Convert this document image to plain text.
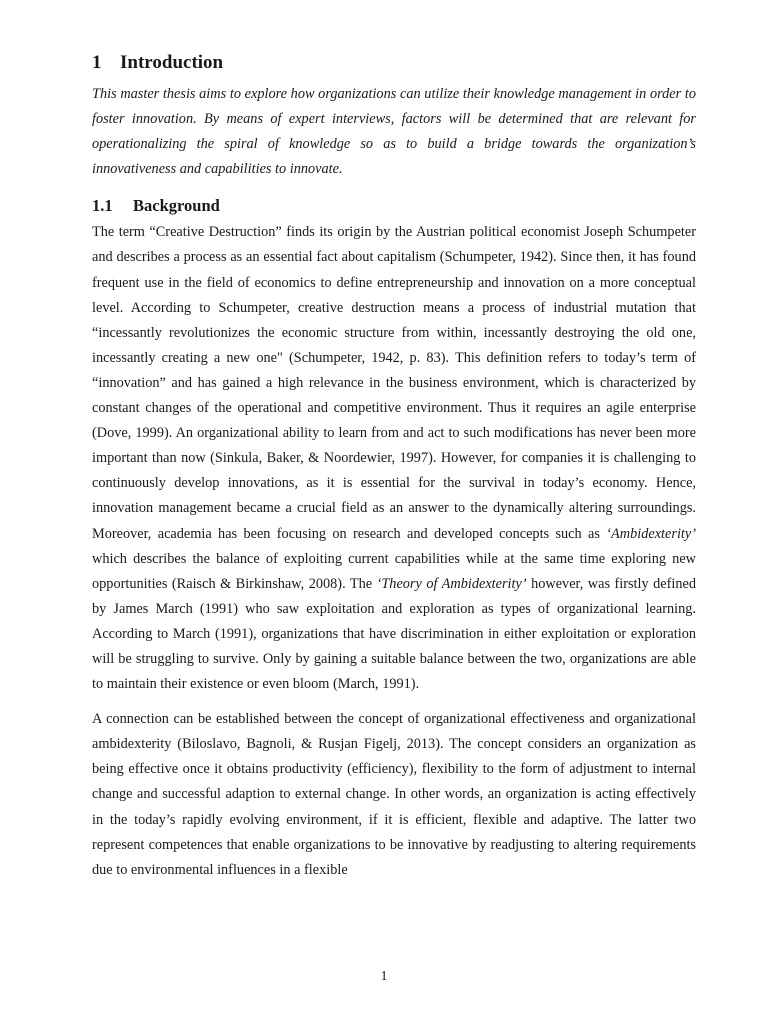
1 Introduction

This master thesis aims to explore how organizations can utilize their knowledge management in order to foster innovation. By means of expert interviews, factors will be determined that are relevant for operationalizing the spiral of knowledge so as to build a bridge towards the organization’s innovativeness and capabilities to innovate.

1.1 Background

The term “Creative Destruction” finds its origin by the Austrian political economist Joseph Schumpeter and describes a process as an essential fact about capitalism (Schumpeter, 1942). Since then, it has found frequent use in the field of economics to define entrepreneurship and innovation on a more conceptual level. According to Schumpeter, creative destruction means a process of industrial mutation that “incessantly revolutionizes the economic structure from within, incessantly destroying the old one, incessantly creating a new one" (Schumpeter, 1942, p. 83). This definition refers to today’s term of “innovation” and has gained a high relevance in the business environment, which is characterized by constant changes of the operational and competitive environment. Thus it requires an agile enterprise (Dove, 1999). An organizational ability to learn from and act to such modifications has never been more important than now (Sinkula, Baker, & Noordewier, 1997). However, for companies it is challenging to continuously develop innovations, as it is essential for the survival in today’s economy. Hence, innovation management became a crucial field as an answer to the dynamically altering surroundings. Moreover, academia has been focusing on research and developed concepts such as ‘Ambidexterity’ which describes the balance of exploiting current capabilities while at the same time exploring new opportunities (Raisch & Birkinshaw, 2008). The ‘Theory of Ambidexterity’ however, was firstly defined by James March (1991) who saw exploitation and exploration as types of organizational learning. According to March (1991), organizations that have discrimination in either exploitation or exploration will be struggling to survive. Only by gaining a suitable balance between the two, organizations are able to maintain their existence or even bloom (March, 1991).

A connection can be established between the concept of organizational effectiveness and organizational ambidexterity (Biloslavo, Bagnoli, & Rusjan Figelj, 2013). The concept considers an organization as being effective once it obtains productivity (efficiency), flexibility to the form of adjustment to internal change and successful adaption to external change. In other words, an organization is acting effectively in the today’s rapidly evolving environment, if it is efficient, flexible and adaptive. The latter two represent competences that enable organizations to be innovative by readjusting to altering requirements due to environmental influences in a flexible

1
